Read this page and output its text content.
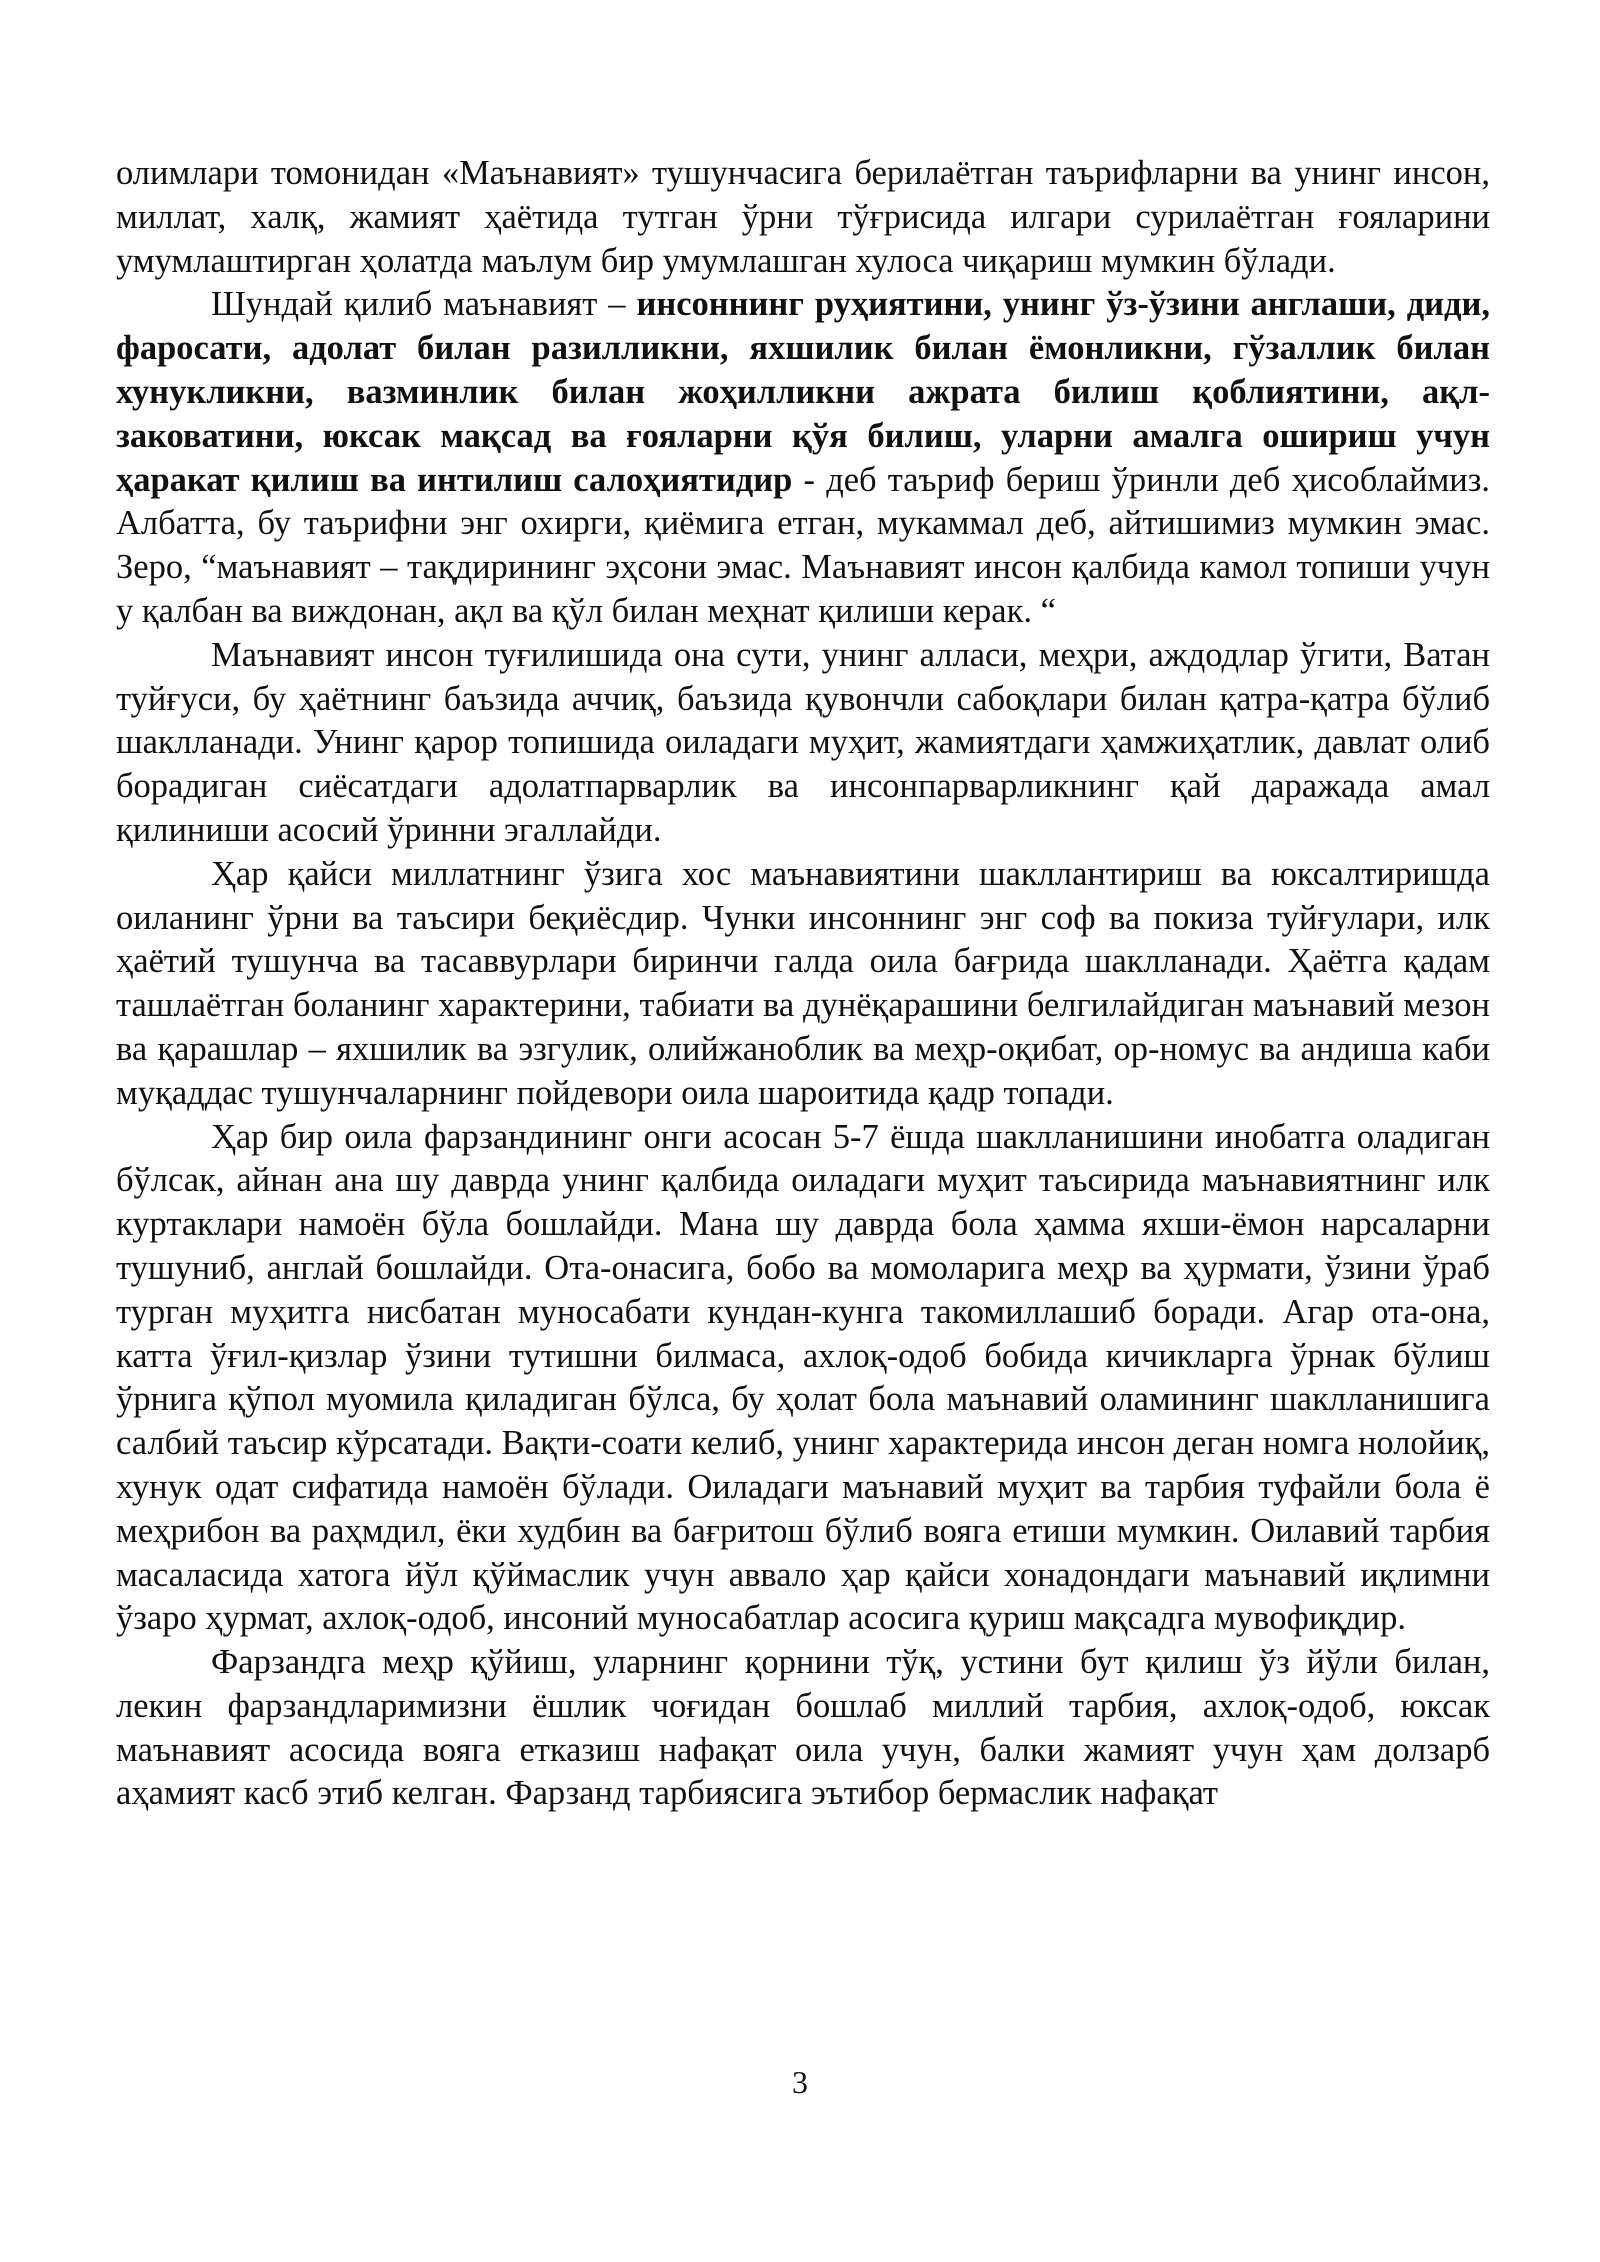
олимлари томонидан «Маънавият» тушунчасига берилаётган таърифларни ва унинг инсон, миллат, халқ, жамият ҳаётида тутган ўрни тўғрисида илгари сурилаётган ғояларини умумлаштирган ҳолатда маълум бир умумлашган хулоса чиқариш мумкин бўлади.

Шундай қилиб маънавият – инсоннинг руҳиятини, унинг ўз-ўзини англаши, диди, фаросати, адолат билан разилликни, яхшилик билан ёмонликни, гўзаллик билан хунукликни, вазминлик билан жоҳилликни ажрата билиш қоблиятини, ақл-заковатини, юксак мақсад ва ғояларни қўя билиш, уларни амалга ошириш учун ҳаракат қилиш ва интилиш салоҳиятидир - деб таъриф бериш ўринли деб ҳисоблаймиз. Албатта, бу таърифни энг охирги, қиёмига етган, мукаммал деб, айтишимиз мумкин эмас. Зеро, “маънавият – тақдирининг эҳсони эмас. Маънавият инсон қалбида камол топиши учун у қалбан ва виждонан, ақл ва қўл билан меҳнат қилиши керак. “

Маънавият инсон туғилишида она сути, унинг алласи, меҳри, аждодлар ўгити, Ватан туйғуси, бу ҳаётнинг баъзида аччиқ, баъзида қувончли сабоқлари билан қатра-қатра бўлиб шаклланади. Унинг қарор топишида оиладаги муҳит, жамиятдаги ҳамжиҳатлик, давлат олиб борадиган сиёсатдаги адолатпарварлик ва инсонпарварликнинг қай даражада амал қилиниши асосий ўринни эгаллайди.

Ҳар қайси миллатнинг ўзига хос маънавиятини шакллантириш ва юксалтиришда оиланинг ўрни ва таъсири беқиёсдир. Чунки инсоннинг энг соф ва покиза туйғулари, илк ҳаётий тушунча ва тасаввурлари биринчи галда оила бағрида шаклланади. Ҳаётга қадам ташлаётган боланинг характерини, табиати ва дунёқарашини белгилайдиган маънавий мезон ва қарашлар – яхшилик ва эзгулик, олийжаноблик ва меҳр-оқибат, ор-номус ва андиша каби муқаддас тушунчаларнинг пойдевори оила шароитида қадр топади.

Ҳар бир оила фарзандининг онги асосан 5-7 ёшда шаклланишини инобатга оладиган бўлсак, айнан ана шу даврда унинг қалбида оиладаги муҳит таъсирида маънавиятнинг илк куртаклари намоён бўла бошлайди. Мана шу даврда бола ҳамма яхши-ёмон нарсаларни тушуниб, англай бошлайди. Ота-онасига, бобо ва момоларига меҳр ва ҳурмати, ўзини ўраб турган муҳитга нисбатан муносабати кундан-кунга такомиллашиб боради. Агар ота-она, катта ўғил-қизлар ўзини тутишни билмаса, ахлоқ-одоб бобида кичикларга ўрнак бўлиш ўрнига қўпол муомила қиладиган бўлса, бу ҳолат бола маънавий оламининг шаклланишига салбий таъсир кўрсатади. Вақти-соати келиб, унинг характерида инсон деган номга нолойиқ, хунук одат сифатида намоён бўлади. Оиладаги маънавий муҳит ва тарбия туфайли бола ё меҳрибон ва раҳмдил, ёки худбин ва бағритош бўлиб вояга етиши мумкин. Оилавий тарбия масаласида хатога йўл қўймаслик учун аввало ҳар қайси хонадондаги маънавий иқлимни ўзаро ҳурмат, ахлоқ-одоб, инсоний муносабатлар асосига қуриш мақсадга мувофиқдир.

Фарзандга меҳр қўйиш, уларнинг қорнини тўқ, устини бут қилиш ўз йўли билан, лекин фарзандларимизни ёшлик чоғидан бошлаб миллий тарбия, ахлоқ-одоб, юксак маънавият асосида вояга етказиш нафақат оила учун, балки жамият учун ҳам долзарб аҳамият касб этиб келган. Фарзанд тарбиясига эътибор бермаслик нафақат

3
